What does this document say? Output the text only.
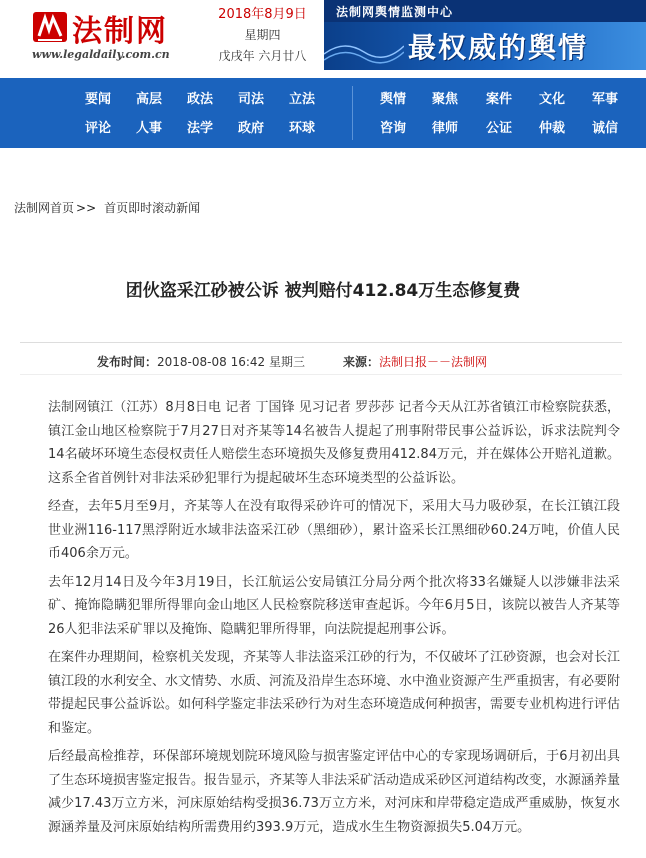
法制网
www.legaldaily.com.cn
2018年8月9日
星期四
戊戌年 六月廿八
法制网舆情监测中心
最权威的舆情
要闻 高层 政法 司法 立法
评论 人事 法学 政府 环球
舆情 聚焦 案件 文化 军事
咨询 律师 公证 仲裁 诚信
法制网首页 >> 首页即时滚动新闻
团伙盗采江砂被公诉 被判赔付412.84万生态修复费
发布时间：2018-08-08 16:42 星期三	来源：法制日报－－法制网

法制网镇江（江苏）8月8日电 记者 丁国锋 见习记者 罗莎莎 记者今天从江苏省镇江市检察院获悉，镇江金山地区检察院于7月27日对齐某等14名被告人提起了刑事附带民事公益诉讼，诉求法院判令14名破坏环境生态侵权责任人赔偿生态环境损失及修复费用412.84万元，并在媒体公开赔礼道歉。这系全省首例针对非法采砂犯罪行为提起破坏生态环境类型的公益诉讼。

经查，去年5月至9月，齐某等人在没有取得采砂许可的情况下，采用大马力吸砂泵，在长江镇江段世业洲116-117黑浮附近水域非法盗采江砂（黑细砂），累计盗采长江黑细砂60.24万吨，价值人民币406余万元。

去年12月14日及今年3月19日，长江航运公安局镇江分局分两个批次将33名嫌疑人以涉嫌非法采矿、掩饰隐瞒犯罪所得罪向金山地区人民检察院移送审查起诉。今年6月5日，该院以被告人齐某等26人犯非法采矿罪以及掩饰、隐瞒犯罪所得罪，向法院提起刑事公诉。

在案件办理期间，检察机关发现，齐某等人非法盗采江砂的行为，不仅破坏了江砂资源，也会对长江镇江段的水利安全、水文情势、水质、河流及沿岸生态环境、水中渔业资源产生严重损害，有必要附带提起民事公益诉讼。如何科学鉴定非法采砂行为对生态环境造成何种损害，需要专业机构进行评估和鉴定。

后经最高检推荐，环保部环境规划院环境风险与损害鉴定评估中心的专家现场调研后，于6月初出具了生态环境损害鉴定报告。报告显示，齐某等人非法采矿活动造成采砂区河道结构改变，水源涵养量减少17.43万立方米，河床原始结构受损36.73万立方米，对河床和岸带稳定造成严重威胁，恢复水源涵养量及河床原始结构所需费用约393.9万元，造成水生生物资源损失5.04万元。
